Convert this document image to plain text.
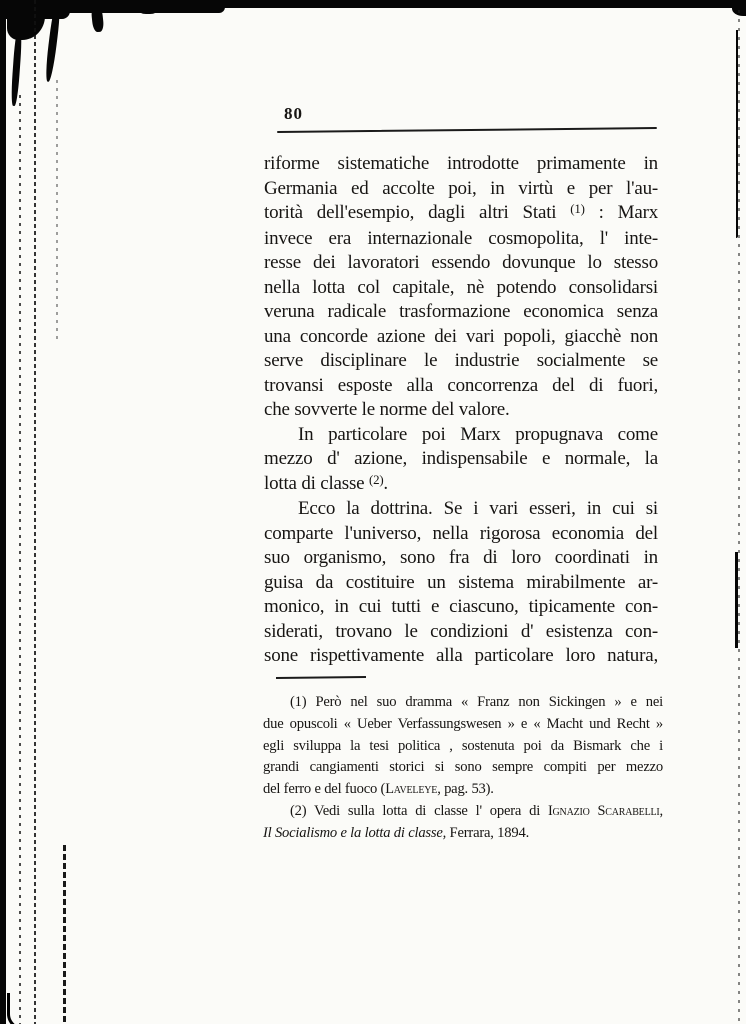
80
riforme sistematiche introdotte primamente in
Germania ed accolte poi, in virtù e per l'au-
torità dell'esempio, dagli altri Stati $^{(1)}$ : Marx
invece era internazionale cosmopolita, l' inte-
resse dei lavoratori essendo dovunque lo stesso
nella lotta col capitale, nè potendo consolidarsi
veruna radicale trasformazione economica senza
una concorde azione dei vari popoli, giacchè non
serve disciplinare le industrie socialmente se
trovansi esposte alla concorrenza del di fuori,
che sovverte le norme del valore.
In particolare poi Marx propugnava come
mezzo d' azione, indispensabile e normale, la
lotta di classe $^{(2)}$.
Ecco la dottrina. Se i vari esseri, in cui si
comparte l'universo, nella rigorosa economia del
suo organismo, sono fra di loro coordinati in
guisa da costituire un sistema mirabilmente ar-
monico, in cui tutti e ciascuno, tipicamente con-
siderati, trovano le condizioni d' esistenza con-
sone rispettivamente alla particolare loro natura,
(1) Però nel suo dramma « Franz non Sickingen » e nei
due opuscoli « Ueber Verfassungswesen » e « Macht und Recht »
egli sviluppa la tesi politica , sostenuta poi da Bismark che i
grandi cangiamenti storici si sono sempre compiti per mezzo
del ferro e del fuoco (Laveleye, pag. 53).
(2) Vedi sulla lotta di classe l' opera di Ignazio Scarabelli,
Il Socialismo e la lotta di classe, Ferrara, 1894.
